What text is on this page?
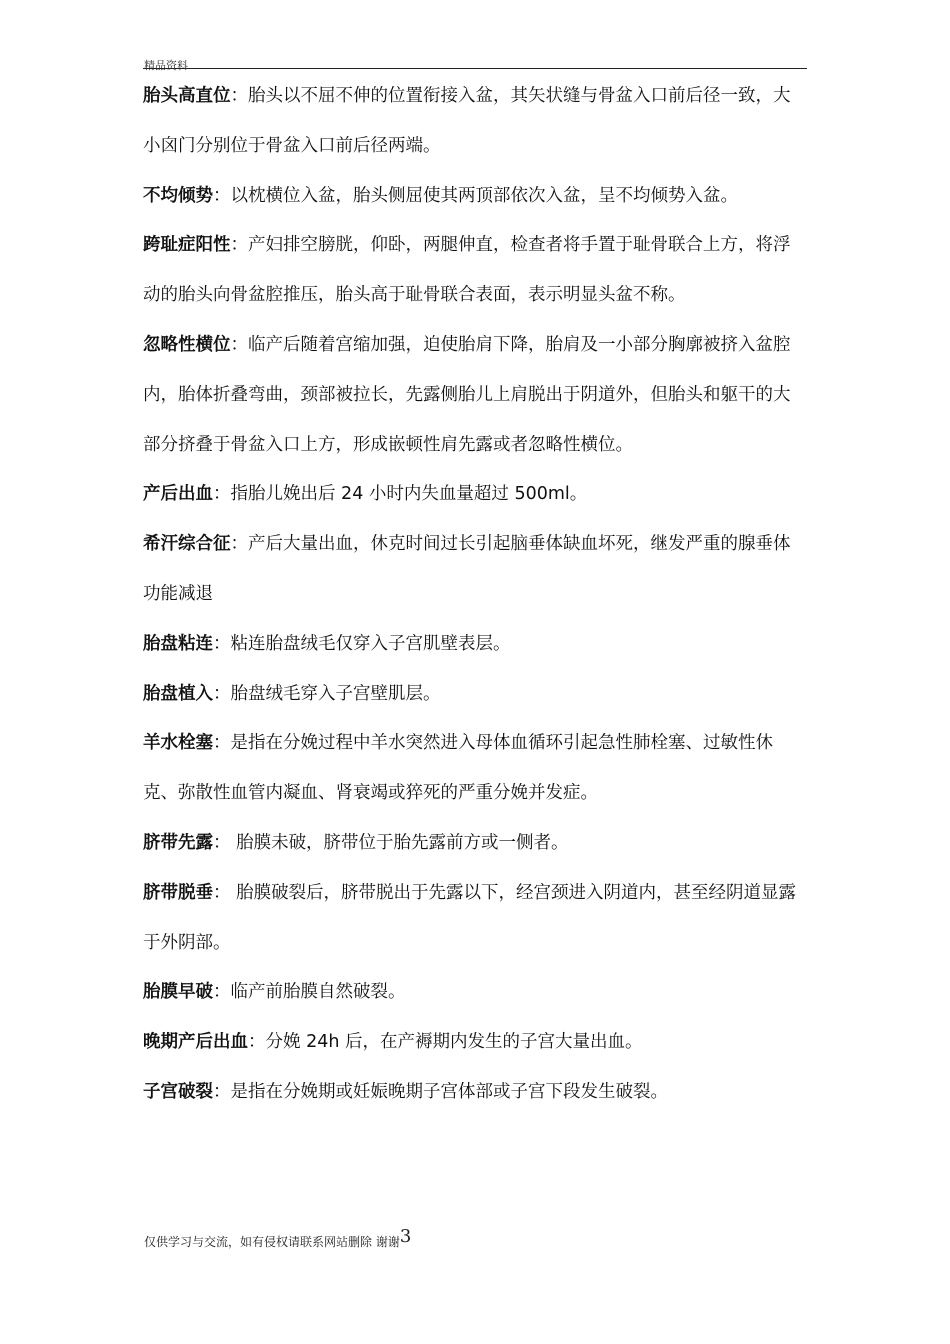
精品资料

胎头高直位：胎头以不屈不伸的位置衔接入盆，其矢状缝与骨盆入口前后径一致，大小囟门分别位于骨盆入口前后径两端。

不均倾势：以枕横位入盆，胎头侧屈使其两顶部依次入盆，呈不均倾势入盆。

跨耻症阳性：产妇排空膀胱，仰卧，两腿伸直，检查者将手置于耻骨联合上方，将浮动的胎头向骨盆腔推压，胎头高于耻骨联合表面，表示明显头盆不称。

忽略性横位：临产后随着宫缩加强，迫使胎肩下降，胎肩及一小部分胸廓被挤入盆腔内，胎体折叠弯曲，颈部被拉长，先露侧胎儿上肩脱出于阴道外，但胎头和躯干的大部分挤叠于骨盆入口上方，形成嵌顿性肩先露或者忽略性横位。

产后出血：指胎儿娩出后 24 小时内失血量超过 500ml。

希汗综合征：产后大量出血，休克时间过长引起脑垂体缺血坏死，继发严重的腺垂体功能减退

胎盘粘连：粘连胎盘绒毛仅穿入子宫肌壁表层。

胎盘植入：胎盘绒毛穿入子宫壁肌层。

羊水栓塞：是指在分娩过程中羊水突然进入母体血循环引起急性肺栓塞、过敏性休克、弥散性血管内凝血、肾衰竭或猝死的严重分娩并发症。

脐带先露： 胎膜未破，脐带位于胎先露前方或一侧者。

脐带脱垂： 胎膜破裂后，脐带脱出于先露以下，经宫颈进入阴道内，甚至经阴道显露于外阴部。

胎膜早破：临产前胎膜自然破裂。

晚期产后出血：分娩 24h 后，在产褥期内发生的子宫大量出血。

子宫破裂：是指在分娩期或妊娠晚期子宫体部或子宫下段发生破裂。

仅供学习与交流，如有侵权请联系网站删除 谢谢3
